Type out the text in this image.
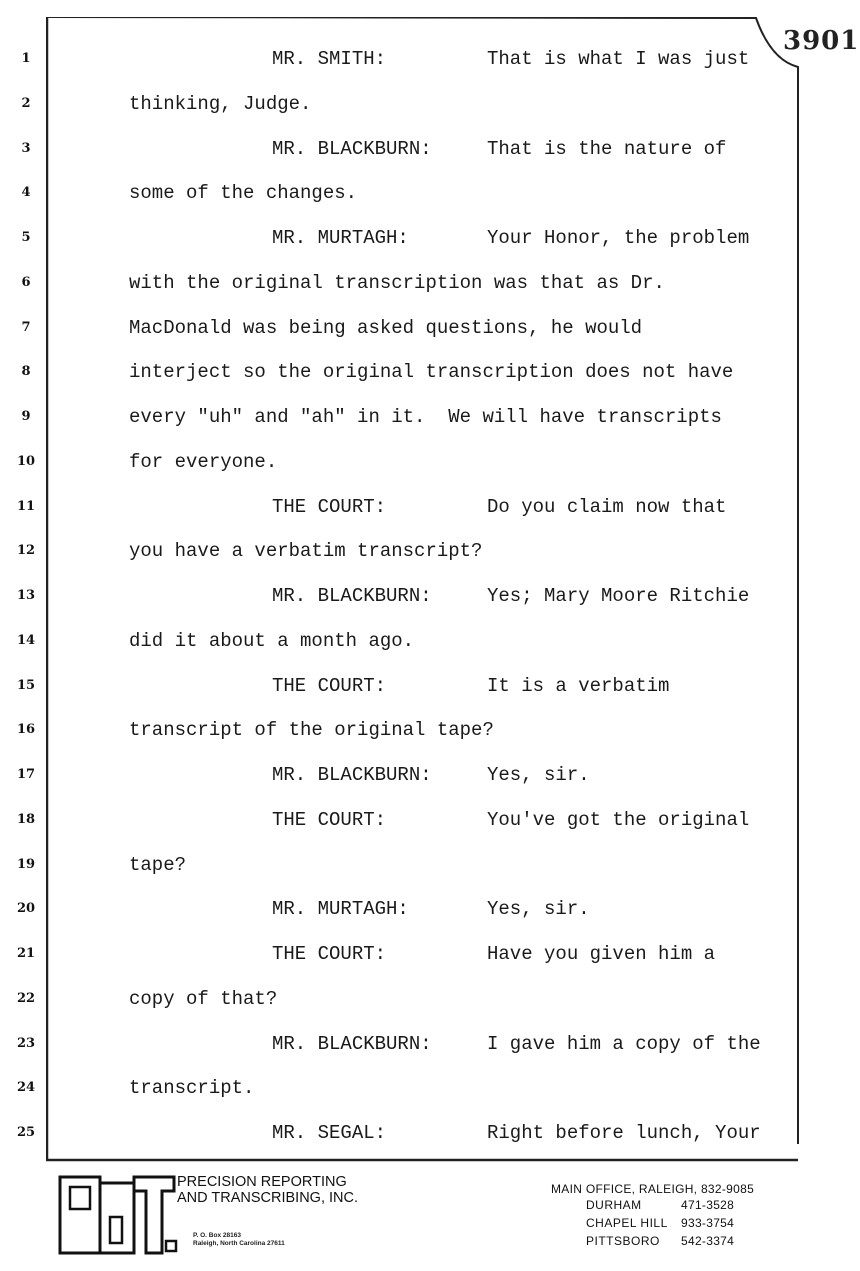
3901
1	MR. SMITH:	That is what I was just
2	thinking, Judge.
3	MR. BLACKBURN:	That is the nature of
4	some of the changes.
5	MR. MURTAGH:	Your Honor, the problem
6	with the original transcription was that as Dr.
7	MacDonald was being asked questions, he would
8	interject so the original transcription does not have
9	every "uh" and "ah" in it.  We will have transcripts
10	for everyone.
11	THE COURT:	Do you claim now that
12	you have a verbatim transcript?
13	MR. BLACKBURN:	Yes; Mary Moore Ritchie
14	did it about a month ago.
15	THE COURT:	It is a verbatim
16	transcript of the original tape?
17	MR. BLACKBURN:	Yes, sir.
18	THE COURT:	You've got the original
19	tape?
20	MR. MURTAGH:	Yes, sir.
21	THE COURT:	Have you given him a
22	copy of that?
23	MR. BLACKBURN:	I gave him a copy of the
24	transcript.
25	MR. SEGAL:	Right before lunch, Your
PRECISION REPORTING
AND TRANSCRIBING, INC.
P. O. Box 28163
Raleigh, North Carolina 27611
MAIN OFFICE, RALEIGH, 832-9085
DURHAM	471-3528
CHAPEL HILL 933-3754
PITTSBORO 542-3374
